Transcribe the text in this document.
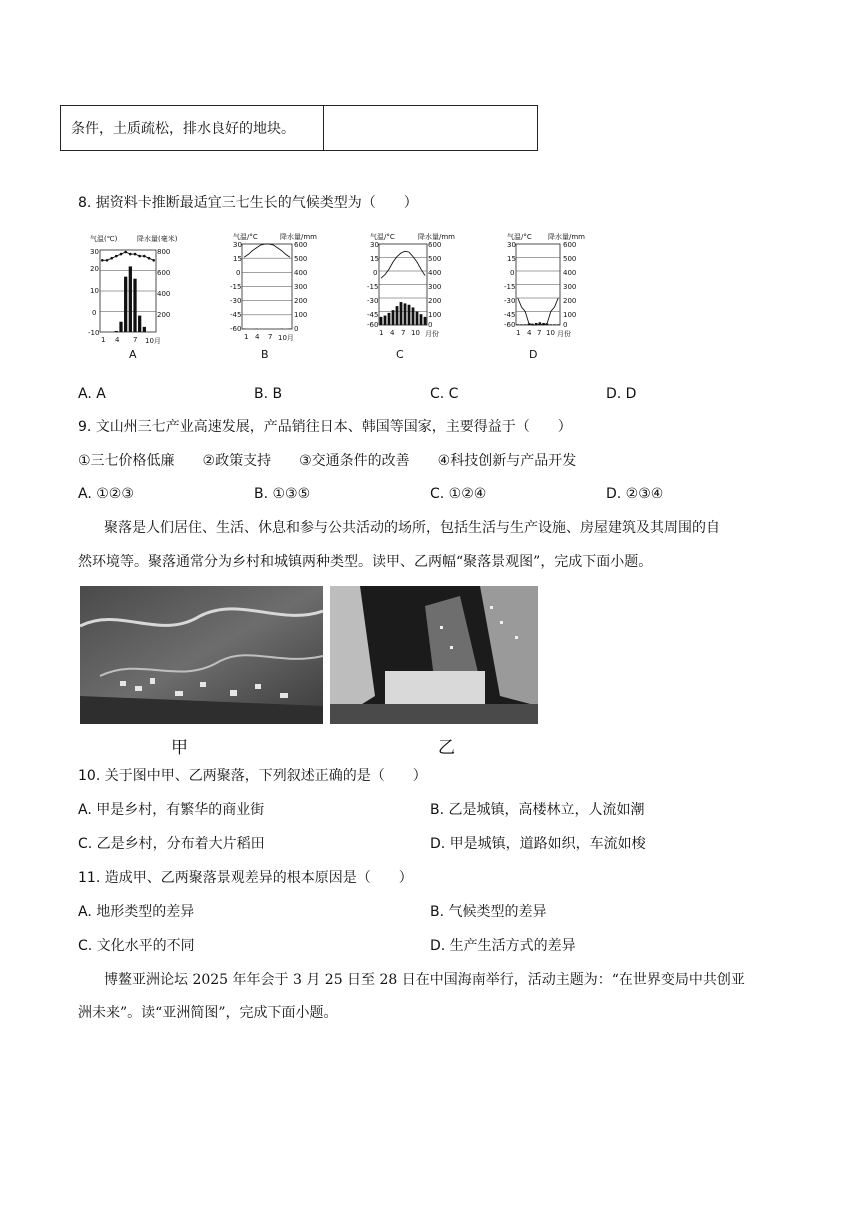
条件，土质疏松，排水良好的地块。
8. 据资料卡推断最适宜三七生长的气候类型为（　　）
气温(℃)	降水量(毫米)
30
20
10
0
-10
800
600
400
200
1 4 7 10月
A
气温/°C	降水量/mm
30
15
0
-15
-30
-45
-60
600
500
400
300
200
100
0
1 4 7 10月
B
气温/°C	降水量/mm
30
15
0
-15
-30
-45
-60
600
500
400
300
200
100
0
1 4 7 10 月份
C
气温/°C 降水量/mm
30
15
0
-15
-30
-45
-60
600
500
400
300
200
100
0
1 4 7 10 月份
D
A. A	B. B	C. C	D. D
9. 文山州三七产业高速发展，产品销往日本、韩国等国家，主要得益于（　　）
①三七价格低廉　　②政策支持　　③交通条件的改善　　④科技创新与产品开发
A. ①②③	B. ①③⑤	C. ①②④	D. ②③④
聚落是人们居住、生活、休息和参与公共活动的场所，包括生活与生产设施、房屋建筑及其周围的自
然环境等。聚落通常分为乡村和城镇两种类型。读甲、乙两幅“聚落景观图”，完成下面小题。
甲	乙
10. 关于图中甲、乙两聚落，下列叙述正确的是（　　）
A. 甲是乡村，有繁华的商业街	B. 乙是城镇，高楼林立，人流如潮
C. 乙是乡村，分布着大片稻田	D. 甲是城镇，道路如织，车流如梭
11. 造成甲、乙两聚落景观差异的根本原因是（　　）
A. 地形类型的差异	B. 气候类型的差异
C. 文化水平的不同	D. 生产生活方式的差异
博鳌亚洲论坛 2025 年年会于 3 月 25 日至 28 日在中国海南举行，活动主题为：“在世界变局中共创亚
洲未来”。读“亚洲简图”，完成下面小题。
